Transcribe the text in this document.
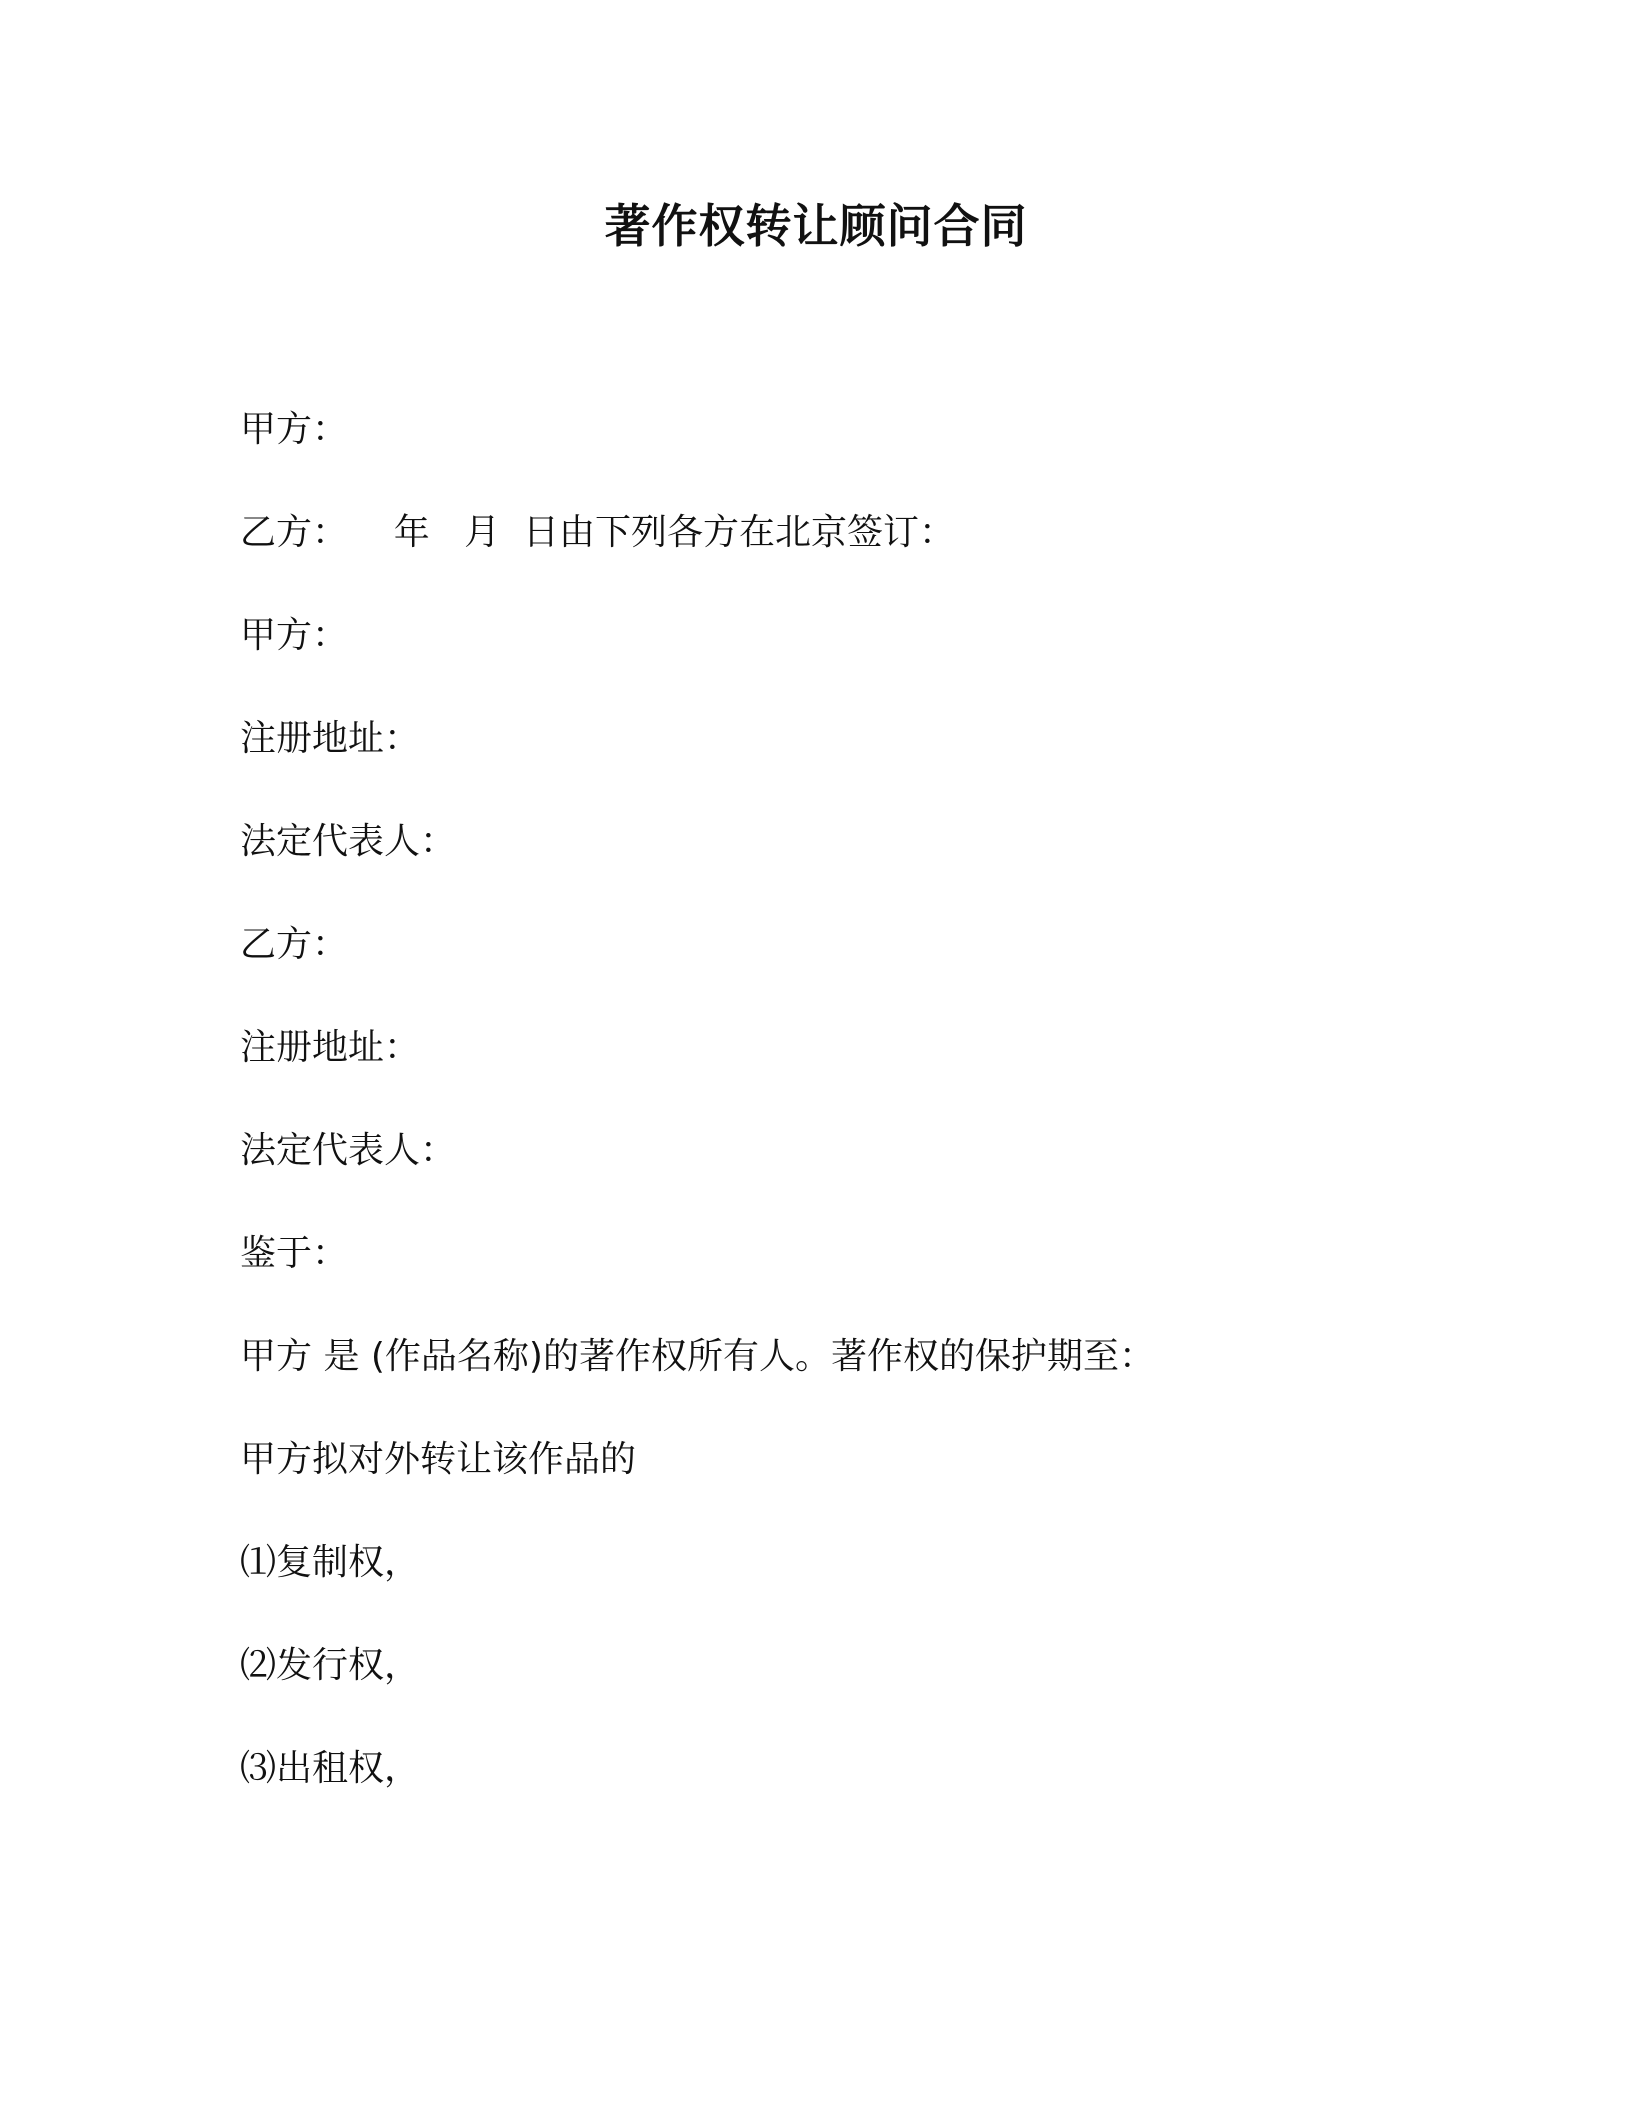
著作权转让顾问合同

甲方：

乙方：    年   月  日由下列各方在北京签订：

甲方：

注册地址：

法定代表人：

乙方：

注册地址：

法定代表人：

鉴于：

甲方 是 (作品名称)的著作权所有人。著作权的保护期至：

甲方拟对外转让该作品的

⑴复制权，

⑵发行权，

⑶出租权，
